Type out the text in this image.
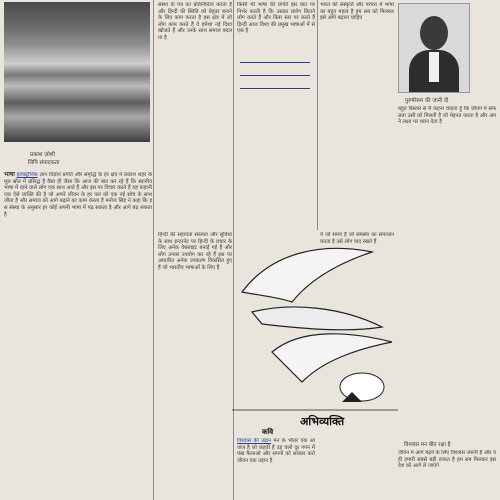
प्रकाश ज़ोशी
लिपि संपादकता
भाषा इलेक्ट्रॉनिक ज्ञान विज्ञान प्रगति और समृद्धि के हर क्षेत्र में प्रकाश शहर के मूल स्रोत में प्रसिद्ध है वैसा ही जैसा कि आज की बात कर रहे हैं कि स्थानीय भाषा में रहने वाले लोग एक साथ आते हैं और इस पर विचार करते हैं यह कहानी एक ऐसे व्यक्ति की है जो अपने जीवन के हर पल को एक नई सोच के साथ जीता है और समाज को आगे बढ़ाने का काम करता है मनोज सिंह ने कहा कि इस संस्था के अनुसार हर कोई अपनी भाषा में पढ़ सकता है और आगे बढ़ सकता है
संस्था के पत्र का प्रतिनिधित्व करता है और हिन्दी की स्थिति को बेहतर बनाने के लिए काम करता है इस क्षेत्र में जो लोग काम करते हैं वे हमेशा नई दिशा खोजते हैं और उनके साथ समाज बदलता है
हिन्दी की सहायता सरलता और सुविधा के साथ इन्टरनेट पर हिन्दी के प्रचार के लिए अनेक वेबसाइट बनाई गई हैं और लोग उनका उपयोग कर रहे हैं इस पर आधारित अनेक उपकरण विकसित हुए हैं जो भारतीय भाषाओं के लिए हैं
किसी भी भाषा की प्रगति इस बात पर निर्भर करती है कि उसका प्रयोग कितने लोग करते हैं और किस स्तर पर करते हैं हिन्दी आज विश्व की प्रमुख भाषाओं में से एक है
भारत की संस्कृति और परंपरा में भाषा का बहुत महत्व है हम सब को मिलकर इसे आगे बढ़ाना चाहिए
पुरुषोत्तम की जानी दी
बहुत विस्तार से मैं कहना चाहता हूँ कि जीवन में सफलता उसी को मिलती है जो मेहनत करता है और अपने लक्ष्य पर ध्यान देता है
ये जो समय है जो समस्या का समाधान करता है उसे लोग याद रखते हैं
अभिव्यक्ति
कवि
विश्वास की उड़ान मन के भीतर एक आवाज है जो कहती है उड़ चलो दूर गगन में पंख फैलाओ और सपनों को साकार करो जीवन एक उड़ान है
विश्वास मन बीत रक्षा है
जीवन में आगे बढ़ने के लिए विश्वास जरूरी है और यही हमारी सबसे बड़ी ताकत है हम सब मिलकर इस देश को आगे ले जाएंगे
